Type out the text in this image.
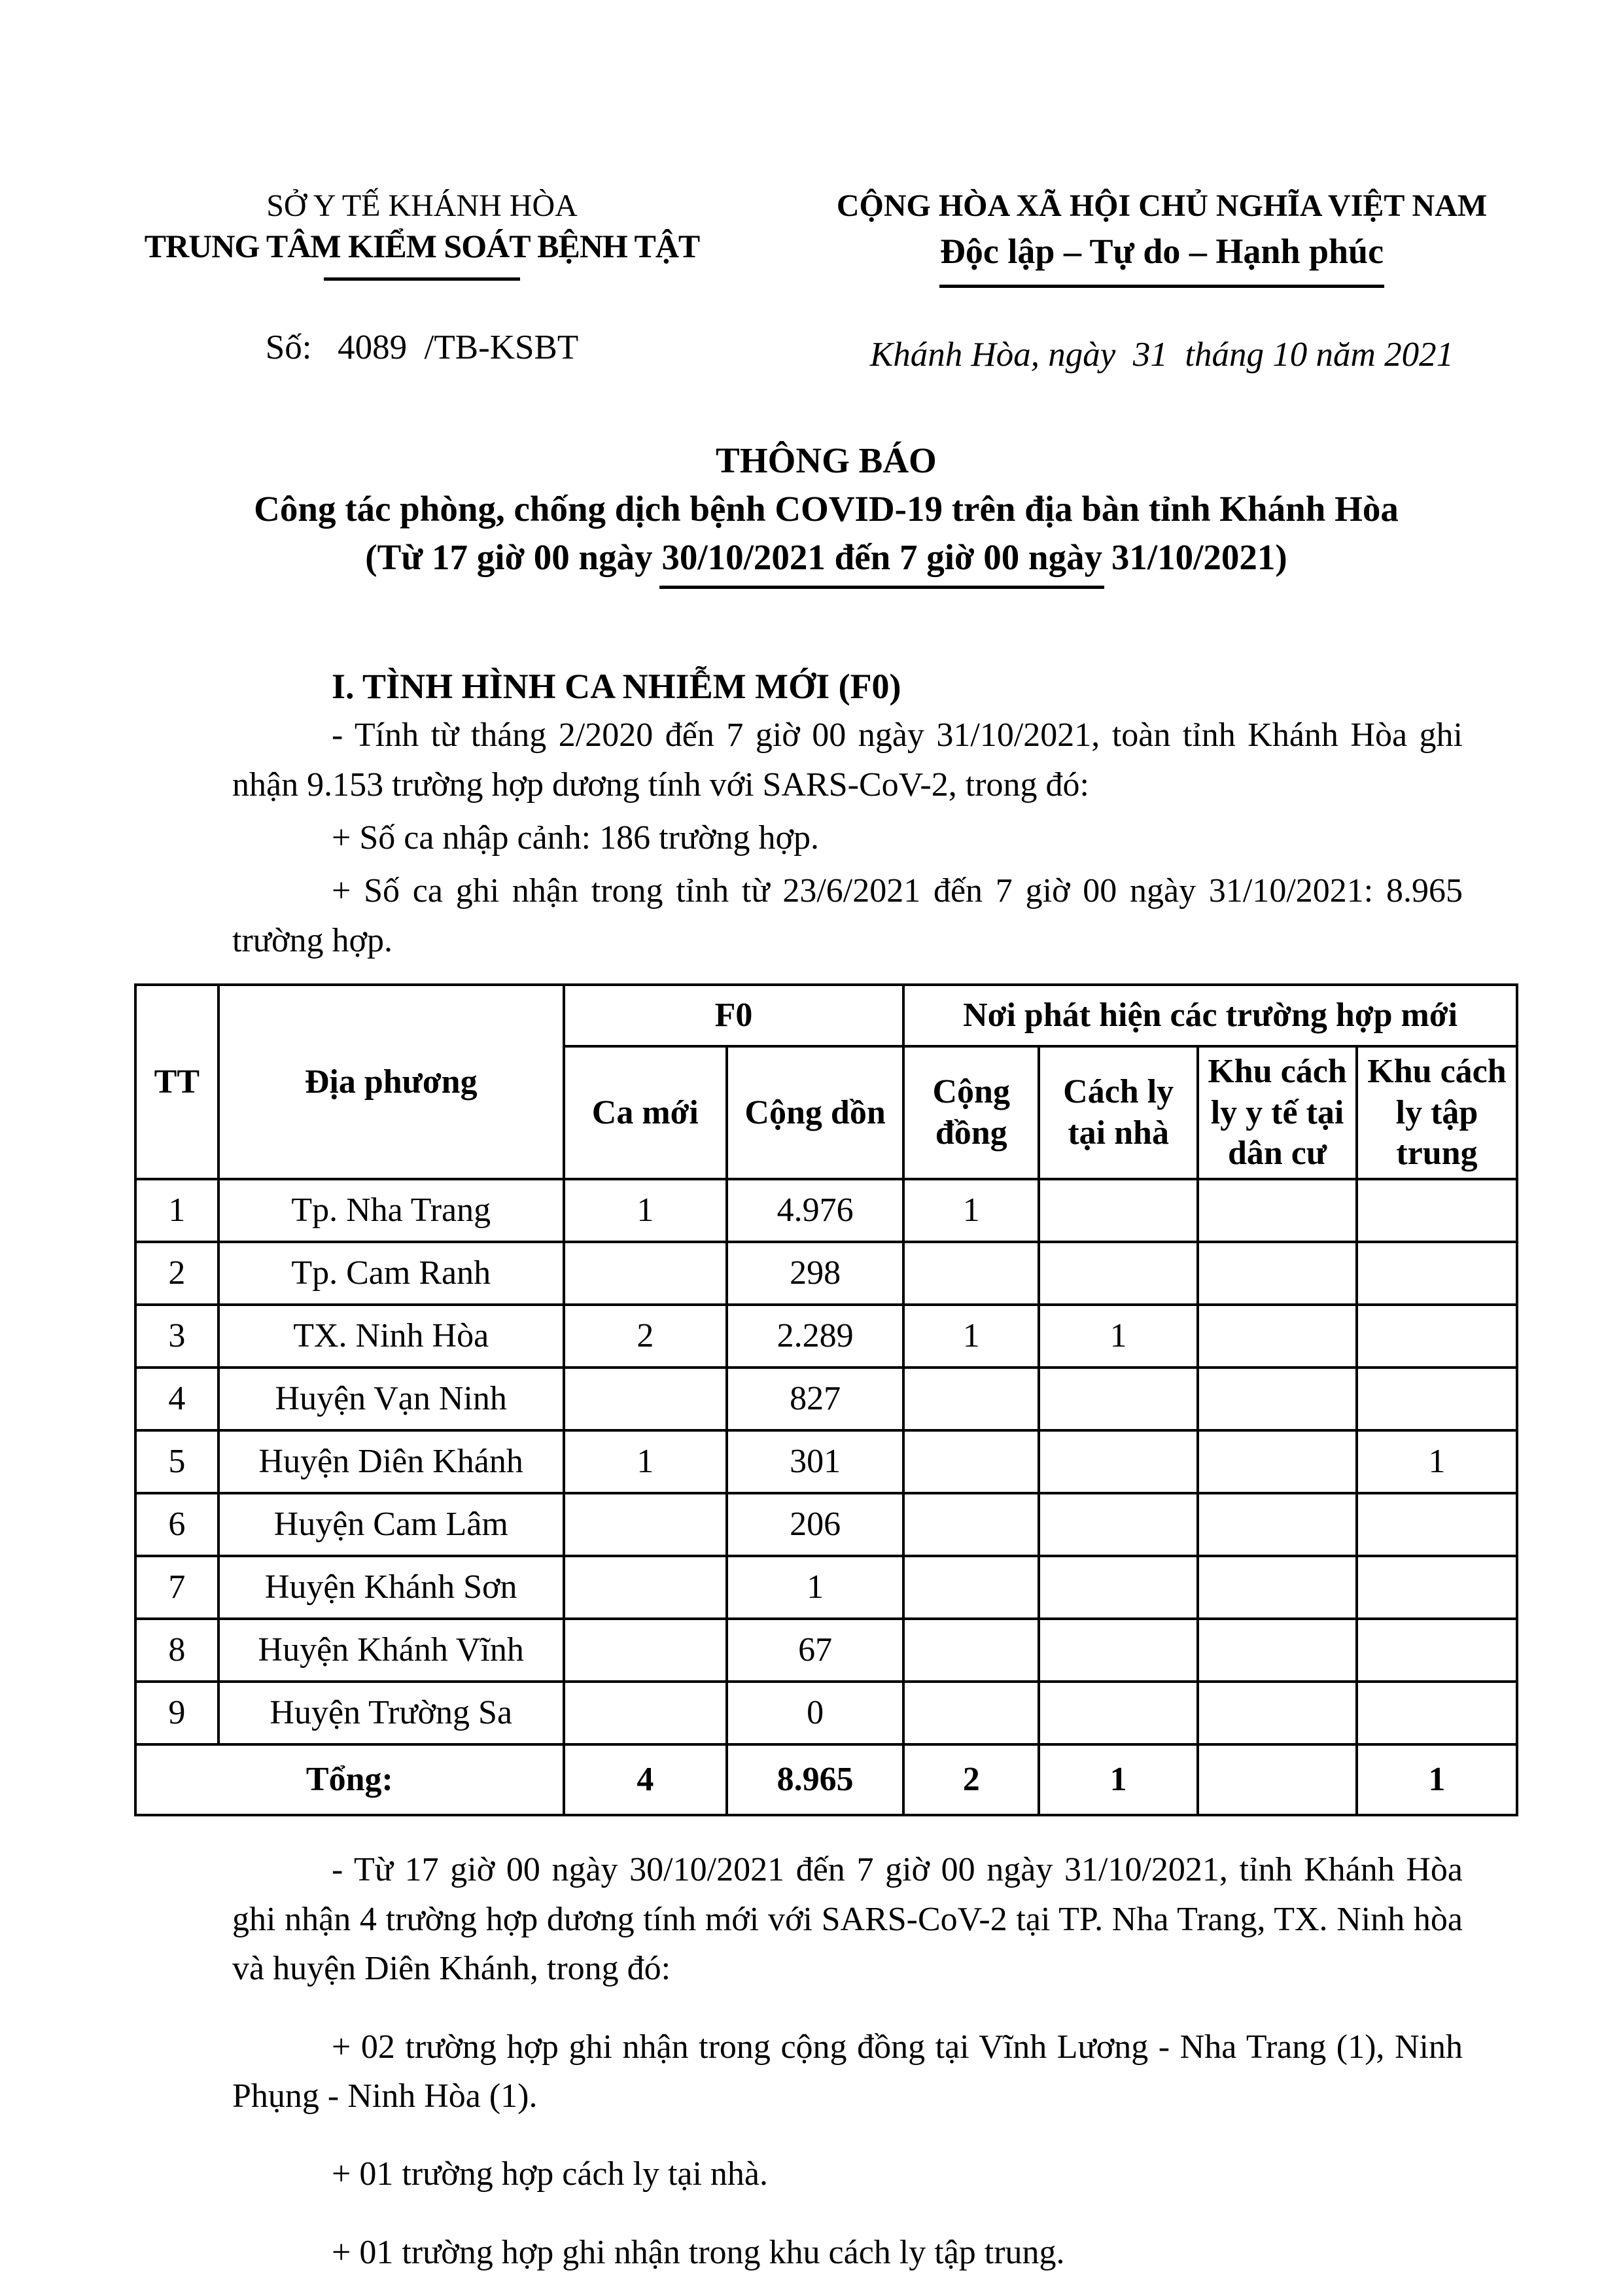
SỞ Y TẾ KHÁNH HÒA
TRUNG TÂM KIỂM SOÁT BỆNH TẬT
Số:   4089  /TB-KSBT
CỘNG HÒA XÃ HỘI CHỦ NGHĨA VIỆT NAM
Độc lập – Tự do – Hạnh phúc
Khánh Hòa, ngày  31  tháng 10 năm 2021
THÔNG BÁO
Công tác phòng, chống dịch bệnh COVID-19 trên địa bàn tỉnh Khánh Hòa
(Từ 17 giờ 00 ngày 30/10/2021 đến 7 giờ 00 ngày 31/10/2021)
I. TÌNH HÌNH CA NHIỄM MỚI (F0)
- Tính từ tháng 2/2020 đến 7 giờ 00 ngày 31/10/2021, toàn tỉnh Khánh Hòa ghi nhận 9.153 trường hợp dương tính với SARS-CoV-2, trong đó:
+ Số ca nhập cảnh: 186 trường hợp.
+ Số ca ghi nhận trong tỉnh từ 23/6/2021 đến 7 giờ 00 ngày 31/10/2021: 8.965 trường hợp.
TT	Địa phương	F0		Nơi phát hiện các trường hợp mới			
		Ca mới	Cộng dồn	Cộng đồng	Cách ly tại nhà	Khu cách ly y tế tại dân cư	Khu cách ly tập trung
1	Tp. Nha Trang	1	4.976	1			
2	Tp. Cam Ranh		298				
3	TX. Ninh Hòa	2	2.289	1	1		
4	Huyện Vạn Ninh		827				
5	Huyện Diên Khánh	1	301				1
6	Huyện Cam Lâm		206				
7	Huyện Khánh Sơn		1				
8	Huyện Khánh Vĩnh		67				
9	Huyện Trường Sa		0				
Tổng:		4	8.965	2	1		1
- Từ 17 giờ 00 ngày 30/10/2021 đến 7 giờ 00 ngày 31/10/2021, tỉnh Khánh Hòa ghi nhận 4 trường hợp dương tính mới với SARS-CoV-2 tại TP. Nha Trang, TX. Ninh hòa và huyện Diên Khánh, trong đó:
+ 02 trường hợp ghi nhận trong cộng đồng tại Vĩnh Lương - Nha Trang (1), Ninh Phụng - Ninh Hòa (1).
+ 01 trường hợp cách ly tại nhà.
+ 01 trường hợp ghi nhận trong khu cách ly tập trung.
